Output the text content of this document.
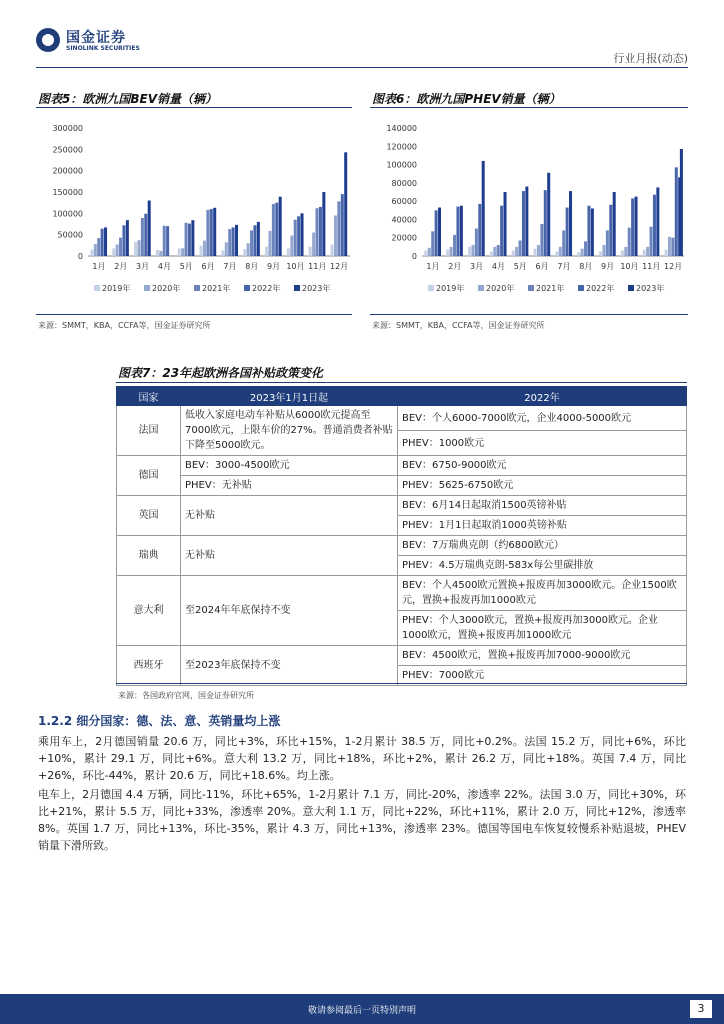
国金证券
SINOLINK SECURITIES
行业月报(动态)
图表5：欧洲九国BEV销量（辆）
0
50000
100000
150000
200000
250000
300000
1月 2月 3月 4月 5月 6月 7月 8月 9月 10月 11月 12月
2019年	2020年	2021年	2022年	2023年
来源：SMMT，KBA，CCFA等，国金证券研究所
图表6：欧洲九国PHEV销量（辆）
0
20000
40000
60000
80000
100000
120000
140000
1月 2月 3月 4月 5月 6月 7月 8月 9月 10月 11月 12月
2019年	2020年	2021年	2022年	2023年
来源：SMMT，KBA，CCFA等，国金证券研究所
图表7：23年起欧洲各国补贴政策变化
国家	2023年1月1日起	2022年
法国	低收入家庭电动车补贴从6000欧元提高至7000欧元，上限车价的27%。普通消费者补贴下降至5000欧元。	BEV：个人6000-7000欧元，企业4000-5000欧元
		PHEV：1000欧元
德国	BEV：3000-4500欧元	BEV：6750-9000欧元
	PHEV：无补贴	PHEV：5625-6750欧元
英国	无补贴	BEV：6月14日起取消1500英镑补贴
		PHEV：1月1日起取消1000英镑补贴
瑞典	无补贴	BEV：7万瑞典克朗（约6800欧元）
		PHEV：4.5万瑞典克朗-583x每公里碳排放
意大利	至2024年年底保持不变	BEV：个人4500欧元置换+报废再加3000欧元。企业1500欧元，置换+报废再加1000欧元
		PHEV：个人3000欧元，置换+报废再加3000欧元。企业1000欧元，置换+报废再加1000欧元
西班牙	至2023年底保持不变	BEV：4500欧元，置换+报废再加7000-9000欧元
		PHEV：7000欧元
来源：各国政府官网，国金证券研究所
1.2.2 细分国家：德、法、意、英销量均上涨
乘用车上，2月德国销量 20.6 万，同比+3%，环比+15%，1-2月累计 38.5 万，同比+0.2%。法国 15.2 万，同比+6%，环比+10%，累计 29.1 万，同比+6%。意大利 13.2 万，同比+18%，环比+2%，累计 26.2 万，同比+18%。英国 7.4 万，同比+26%，环比-44%，累计 20.6 万，同比+18.6%。均上涨。
电车上，2月德国 4.4 万辆，同比-11%，环比+65%，1-2月累计 7.1 万，同比-20%，渗透率 22%。法国 3.0 万，同比+30%，环比+21%，累计 5.5 万，同比+33%，渗透率 20%。意大利 1.1 万，同比+22%，环比+11%，累计 2.0 万，同比+12%，渗透率 8%。英国 1.7 万，同比+13%，环比-35%，累计 4.3 万，同比+13%，渗透率 23%。德国等国电车恢复较慢系补贴退坡，PHEV 销量下滑所致。
敬请参阅最后一页特别声明	3
